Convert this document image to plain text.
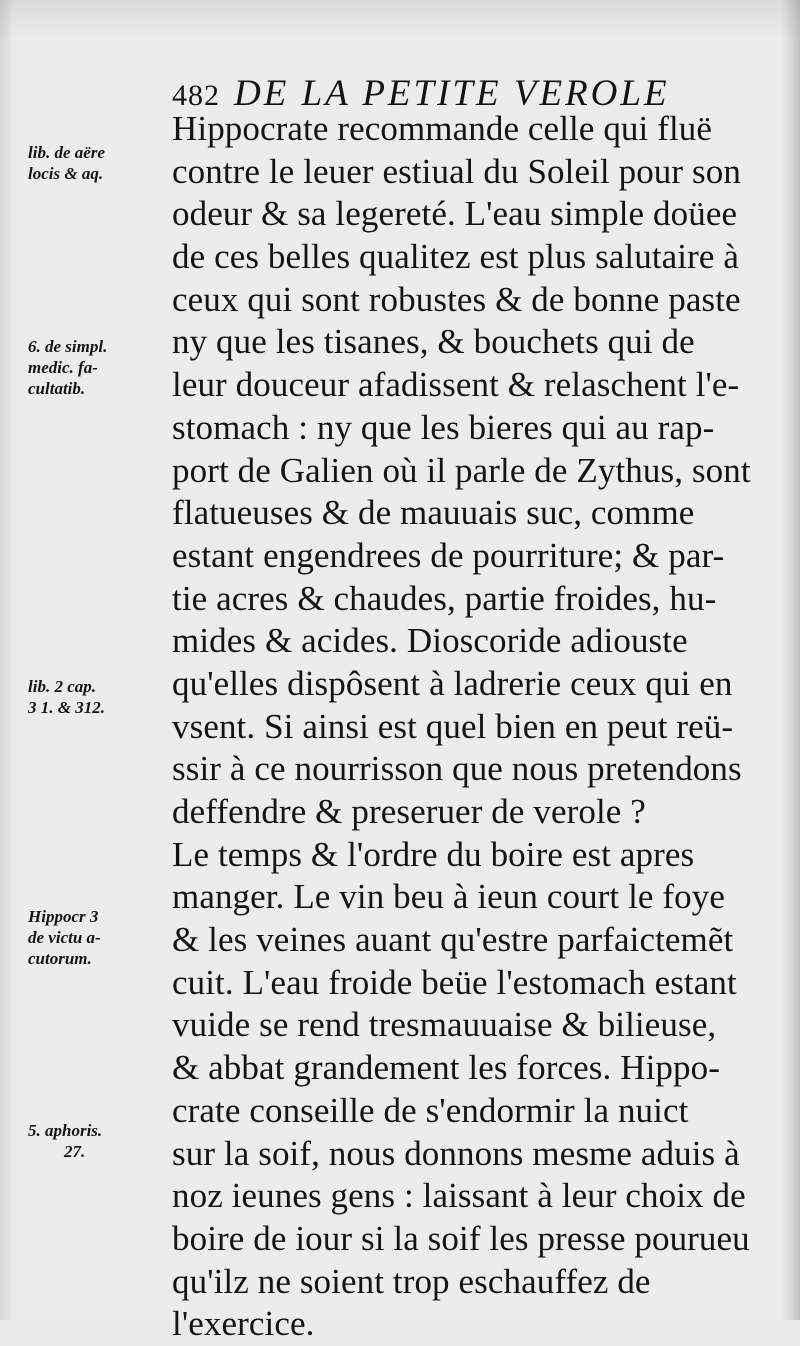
482 DE LA PETITE VEROLE
lib. de aëre
locis & aq.
6. de simpl.
medic. fa-
cultatib.
lib. 2 cap.
3 1. & 312.
Hippocr 3
de victu a-
cutorum.
5. aphoris.
27.
Hippocrate recommande celle qui fluë
contre le leuer estiual du Soleil pour son
odeur & sa legereté. L'eau simple doüee
de ces belles qualitez est plus salutaire à
ceux qui sont robustes & de bonne paste
ny que les tisanes, & bouchets qui de
leur douceur afadissent & relaschent l'e-
stomach : ny que les bieres qui au rap-
port de Galien où il parle de Zythus, sont
flatueuses & de mauuais suc, comme
estant engendrees de pourriture; & par-
tie acres & chaudes, partie froides, hu-
mides & acides. Dioscoride adiouste
qu'elles dispôsent à ladrerie ceux qui en
vsent. Si ainsi est quel bien en peut reü-
ssir à ce nourrisson que nous pretendons
deffendre & preseruer de verole ?
Le temps & l'ordre du boire est apres
manger. Le vin beu à ieun court le foye
& les veines auant qu'estre parfaictemẽt
cuit. L'eau froide beüe l'estomach estant
vuide se rend tresmauuaise & bilieuse,
& abbat grandement les forces. Hippo-
crate conseille de s'endormir la nuict
sur la soif, nous donnons mesme aduis à
noz ieunes gens : laissant à leur choix de
boire de iour si la soif les presse pourueu
qu'ilz ne soient trop eschauffez de
l'exercice.
